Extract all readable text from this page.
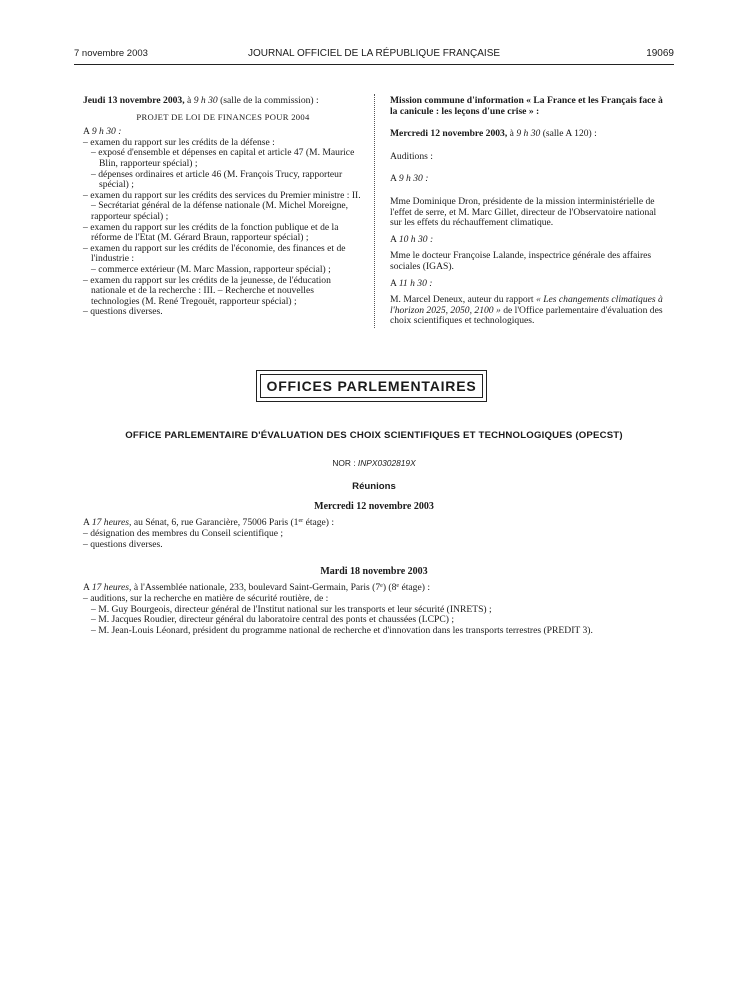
7 novembre 2003	JOURNAL OFFICIEL DE LA RÉPUBLIQUE FRANÇAISE	19069

Jeudi 13 novembre 2003, à 9 h 30 (salle de la commission) :

PROJET DE LOI DE FINANCES POUR 2004

A 9 h 30 :

– examen du rapport sur les crédits de la défense :

– exposé d'ensemble et dépenses en capital et article 47 (M. Maurice Blin, rapporteur spécial) ;

– dépenses ordinaires et article 46 (M. François Trucy, rapporteur spécial) ;

– examen du rapport sur les crédits des services du Premier ministre : II. – Secrétariat général de la défense nationale (M. Michel Moreigne, rapporteur spécial) ;

– examen du rapport sur les crédits de la fonction publique et de la réforme de l'Etat (M. Gérard Braun, rapporteur spécial) ;

– examen du rapport sur les crédits de l'économie, des finances et de l'industrie :

– commerce extérieur (M. Marc Massion, rapporteur spécial) ;

– examen du rapport sur les crédits de la jeunesse, de l'éducation nationale et de la recherche : III. – Recherche et nouvelles technologies (M. René Tregouët, rapporteur spécial) ;

– questions diverses.

Mission commune d'information « La France et les Français face à la canicule : les leçons d'une crise » :

Mercredi 12 novembre 2003, à 9 h 30 (salle A 120) :

Auditions :

A 9 h 30 :

Mme Dominique Dron, présidente de la mission interministérielle de l'effet de serre, et M. Marc Gillet, directeur de l'Observatoire national sur les effets du réchauffement climatique.

A 10 h 30 :

Mme le docteur Françoise Lalande, inspectrice générale des affaires sociales (IGAS).

A 11 h 30 :

M. Marcel Deneux, auteur du rapport « Les changements climatiques à l'horizon 2025, 2050, 2100 » de l'Office parlementaire d'évaluation des choix scientifiques et technologiques.

OFFICES PARLEMENTAIRES
OFFICE PARLEMENTAIRE D'ÉVALUATION DES CHOIX SCIENTIFIQUES ET TECHNOLOGIQUES (OPECST)
NOR : INPX0302819X
Réunions
Mercredi 12 novembre 2003

A 17 heures, au Sénat, 6, rue Garancière, 75006 Paris (1er étage) :

– désignation des membres du Conseil scientifique ;

– questions diverses.

Mardi 18 novembre 2003

A 17 heures, à l'Assemblée nationale, 233, boulevard Saint-Germain, Paris (7e) (8e étage) :

– auditions, sur la recherche en matière de sécurité routière, de :

– M. Guy Bourgeois, directeur général de l'Institut national sur les transports et leur sécurité (INRETS) ;

– M. Jacques Roudier, directeur général du laboratoire central des ponts et chaussées (LCPC) ;

– M. Jean-Louis Léonard, président du programme national de recherche et d'innovation dans les transports terrestres (PREDIT 3).
